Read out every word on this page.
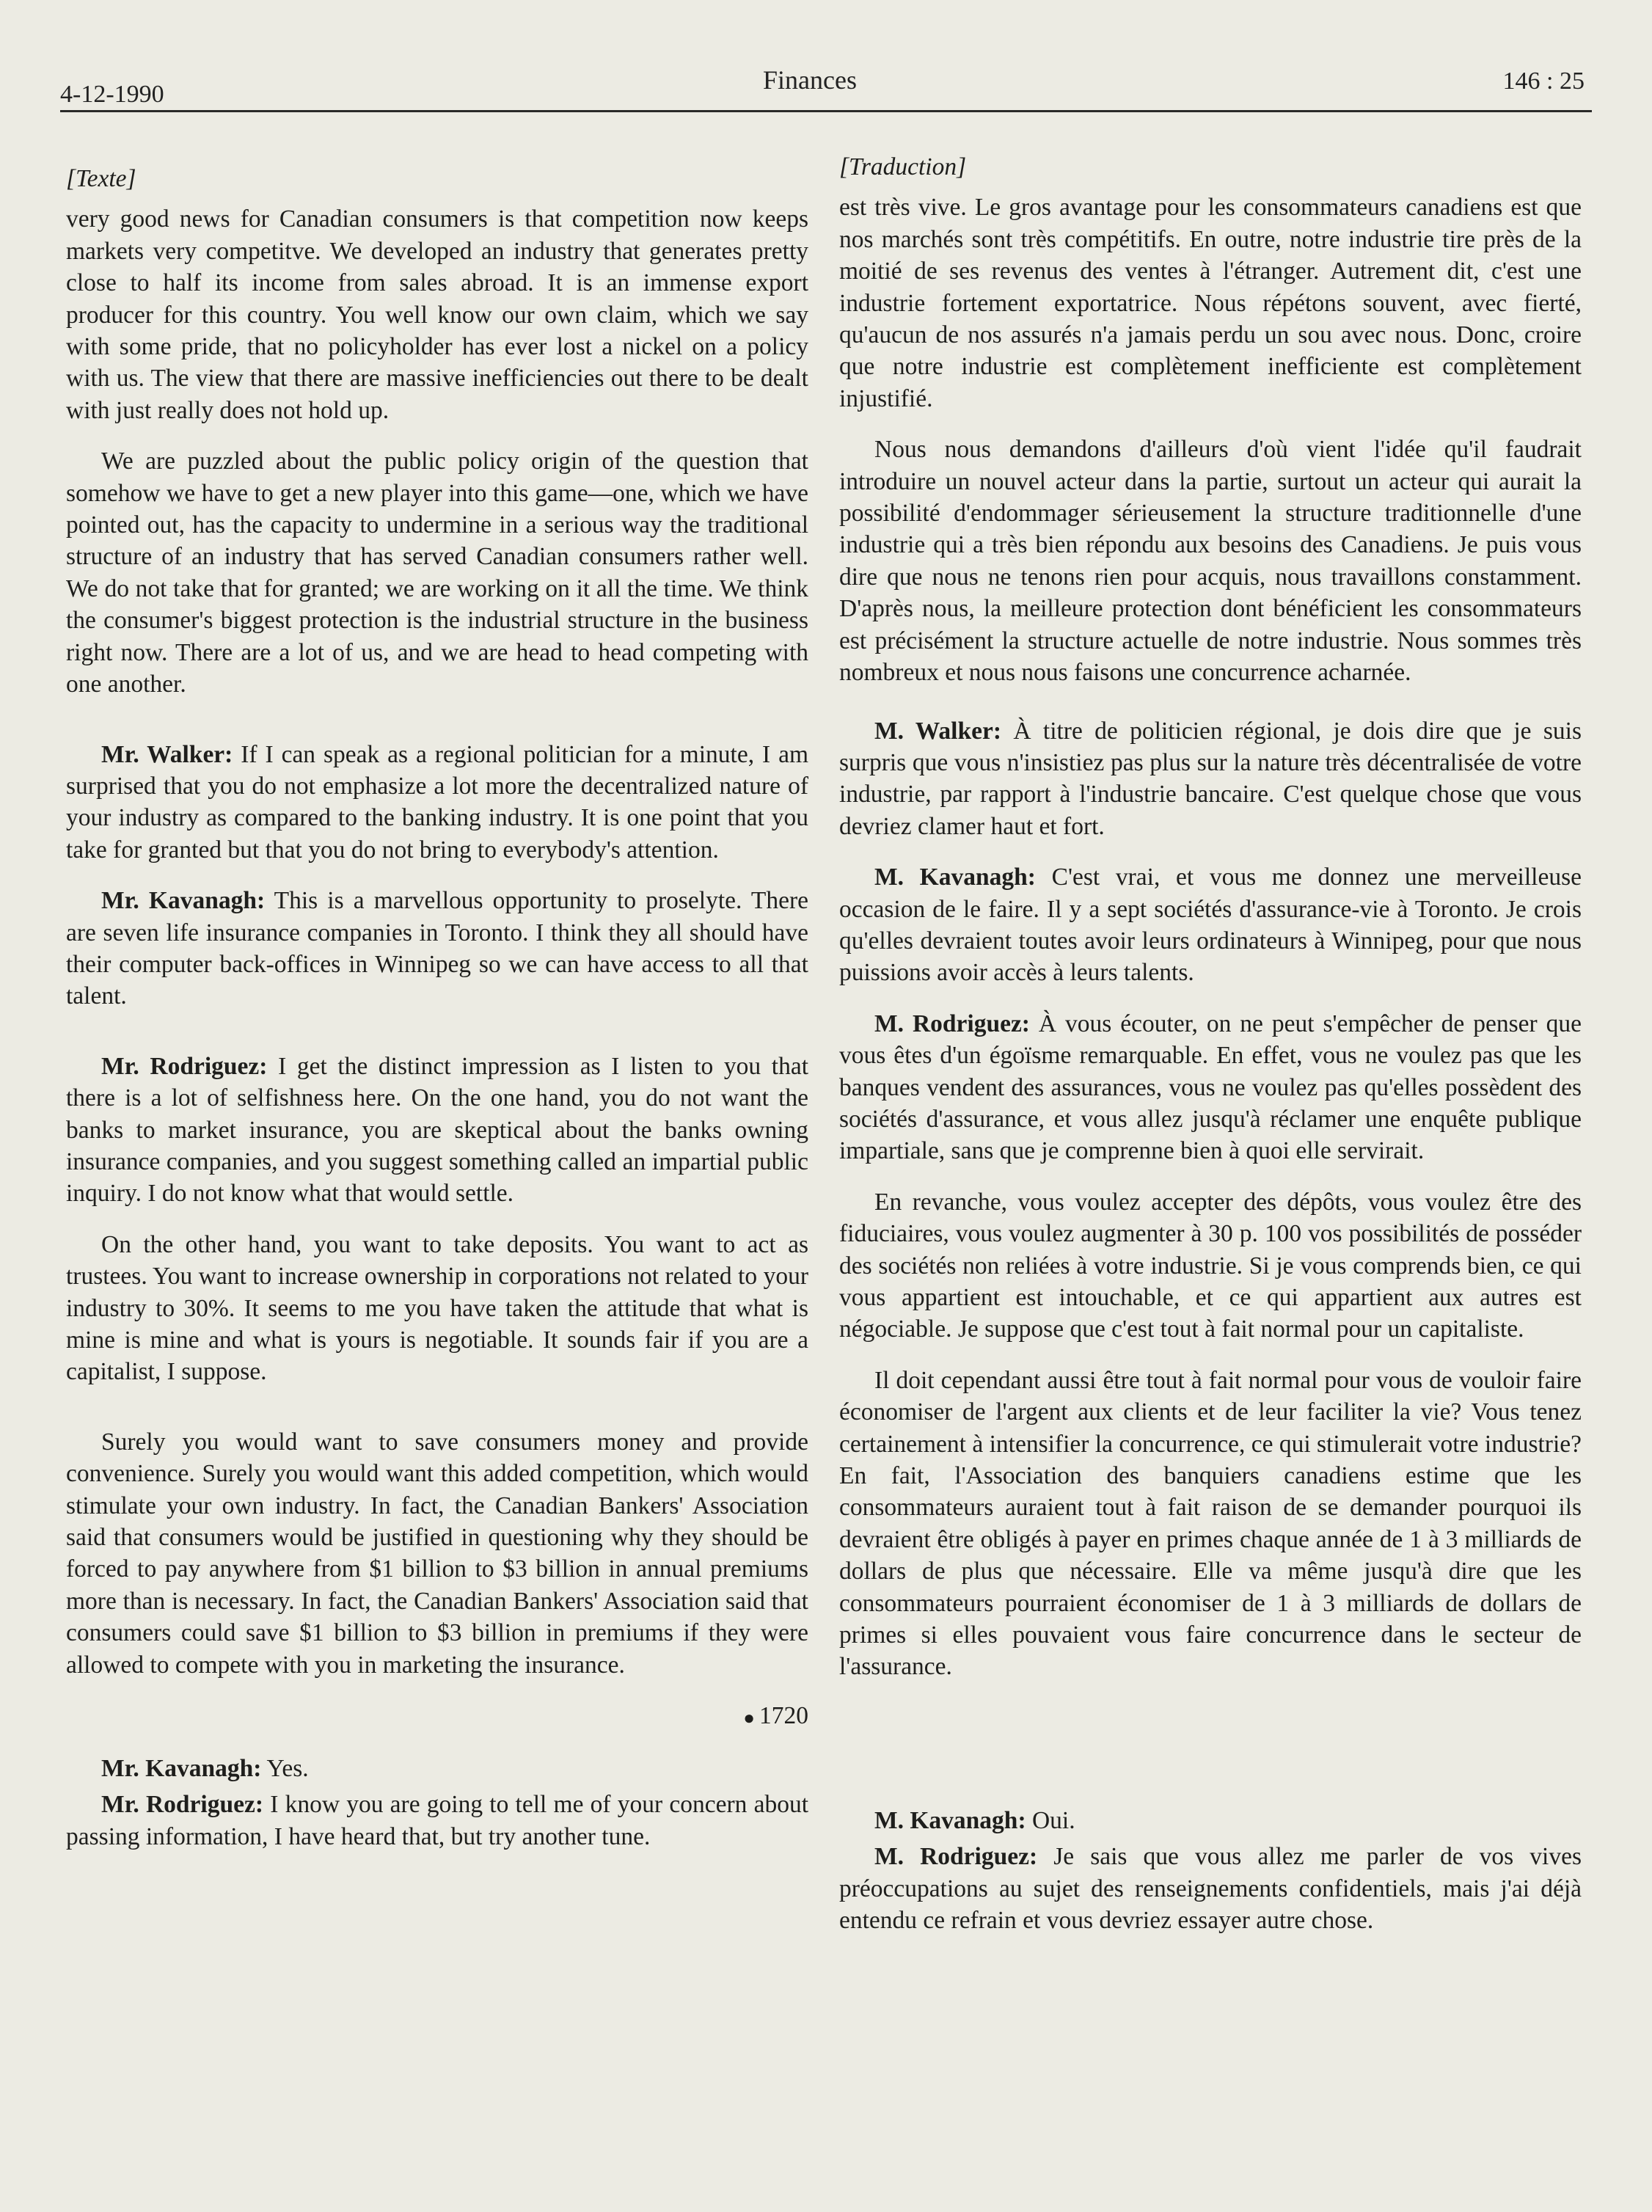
4-12-1990	Finances	146 : 25
[Texte]

very good news for Canadian consumers is that competition now keeps markets very competitve. We developed an industry that generates pretty close to half its income from sales abroad. It is an immense export producer for this country. You well know our own claim, which we say with some pride, that no policyholder has ever lost a nickel on a policy with us. The view that there are massive inefficiencies out there to be dealt with just really does not hold up.

We are puzzled about the public policy origin of the question that somehow we have to get a new player into this game—one, which we have pointed out, has the capacity to undermine in a serious way the traditional structure of an industry that has served Canadian consumers rather well. We do not take that for granted; we are working on it all the time. We think the consumer's biggest protection is the industrial structure in the business right now. There are a lot of us, and we are head to head competing with one another.

Mr. Walker: If I can speak as a regional politician for a minute, I am surprised that you do not emphasize a lot more the decentralized nature of your industry as compared to the banking industry. It is one point that you take for granted but that you do not bring to everybody's attention.

Mr. Kavanagh: This is a marvellous opportunity to proselyte. There are seven life insurance companies in Toronto. I think they all should have their computer back-offices in Winnipeg so we can have access to all that talent.

Mr. Rodriguez: I get the distinct impression as I listen to you that there is a lot of selfishness here. On the one hand, you do not want the banks to market insurance, you are skeptical about the banks owning insurance companies, and you suggest something called an impartial public inquiry. I do not know what that would settle.

On the other hand, you want to take deposits. You want to act as trustees. You want to increase ownership in corporations not related to your industry to 30%. It seems to me you have taken the attitude that what is mine is mine and what is yours is negotiable. It sounds fair if you are a capitalist, I suppose.

Surely you would want to save consumers money and provide convenience. Surely you would want this added competition, which would stimulate your own industry. In fact, the Canadian Bankers' Association said that consumers would be justified in questioning why they should be forced to pay anywhere from $1 billion to $3 billion in annual premiums more than is necessary. In fact, the Canadian Bankers' Association said that consumers could save $1 billion to $3 billion in premiums if they were allowed to compete with you in marketing the insurance.

● 1720

Mr. Kavanagh: Yes.

Mr. Rodriguez: I know you are going to tell me of your concern about passing information, I have heard that, but try another tune.

[Traduction]

est très vive. Le gros avantage pour les consommateurs canadiens est que nos marchés sont très compétitifs. En outre, notre industrie tire près de la moitié de ses revenus des ventes à l'étranger. Autrement dit, c'est une industrie fortement exportatrice. Nous répétons souvent, avec fierté, qu'aucun de nos assurés n'a jamais perdu un sou avec nous. Donc, croire que notre industrie est complètement inefficiente est complètement injustifié.

Nous nous demandons d'ailleurs d'où vient l'idée qu'il faudrait introduire un nouvel acteur dans la partie, surtout un acteur qui aurait la possibilité d'endommager sérieusement la structure traditionnelle d'une industrie qui a très bien répondu aux besoins des Canadiens. Je puis vous dire que nous ne tenons rien pour acquis, nous travaillons constamment. D'après nous, la meilleure protection dont bénéficient les consommateurs est précisément la structure actuelle de notre industrie. Nous sommes très nombreux et nous nous faisons une concurrence acharnée.

M. Walker: À titre de politicien régional, je dois dire que je suis surpris que vous n'insistiez pas plus sur la nature très décentralisée de votre industrie, par rapport à l'industrie bancaire. C'est quelque chose que vous devriez clamer haut et fort.

M. Kavanagh: C'est vrai, et vous me donnez une merveilleuse occasion de le faire. Il y a sept sociétés d'assurance-vie à Toronto. Je crois qu'elles devraient toutes avoir leurs ordinateurs à Winnipeg, pour que nous puissions avoir accès à leurs talents.

M. Rodriguez: À vous écouter, on ne peut s'empêcher de penser que vous êtes d'un égoïsme remarquable. En effet, vous ne voulez pas que les banques vendent des assurances, vous ne voulez pas qu'elles possèdent des sociétés d'assurance, et vous allez jusqu'à réclamer une enquête publique impartiale, sans que je comprenne bien à quoi elle servirait.

En revanche, vous voulez accepter des dépôts, vous voulez être des fiduciaires, vous voulez augmenter à 30 p. 100 vos possibilités de posséder des sociétés non reliées à votre industrie. Si je vous comprends bien, ce qui vous appartient est intouchable, et ce qui appartient aux autres est négociable. Je suppose que c'est tout à fait normal pour un capitaliste.

Il doit cependant aussi être tout à fait normal pour vous de vouloir faire économiser de l'argent aux clients et de leur faciliter la vie? Vous tenez certainement à intensifier la concurrence, ce qui stimulerait votre industrie? En fait, l'Association des banquiers canadiens estime que les consommateurs auraient tout à fait raison de se demander pourquoi ils devraient être obligés à payer en primes chaque année de 1 à 3 milliards de dollars de plus que nécessaire. Elle va même jusqu'à dire que les consommateurs pourraient économiser de 1 à 3 milliards de dollars de primes si elles pouvaient vous faire concurrence dans le secteur de l'assurance.

M. Kavanagh: Oui.

M. Rodriguez: Je sais que vous allez me parler de vos vives préoccupations au sujet des renseignements confidentiels, mais j'ai déjà entendu ce refrain et vous devriez essayer autre chose.
